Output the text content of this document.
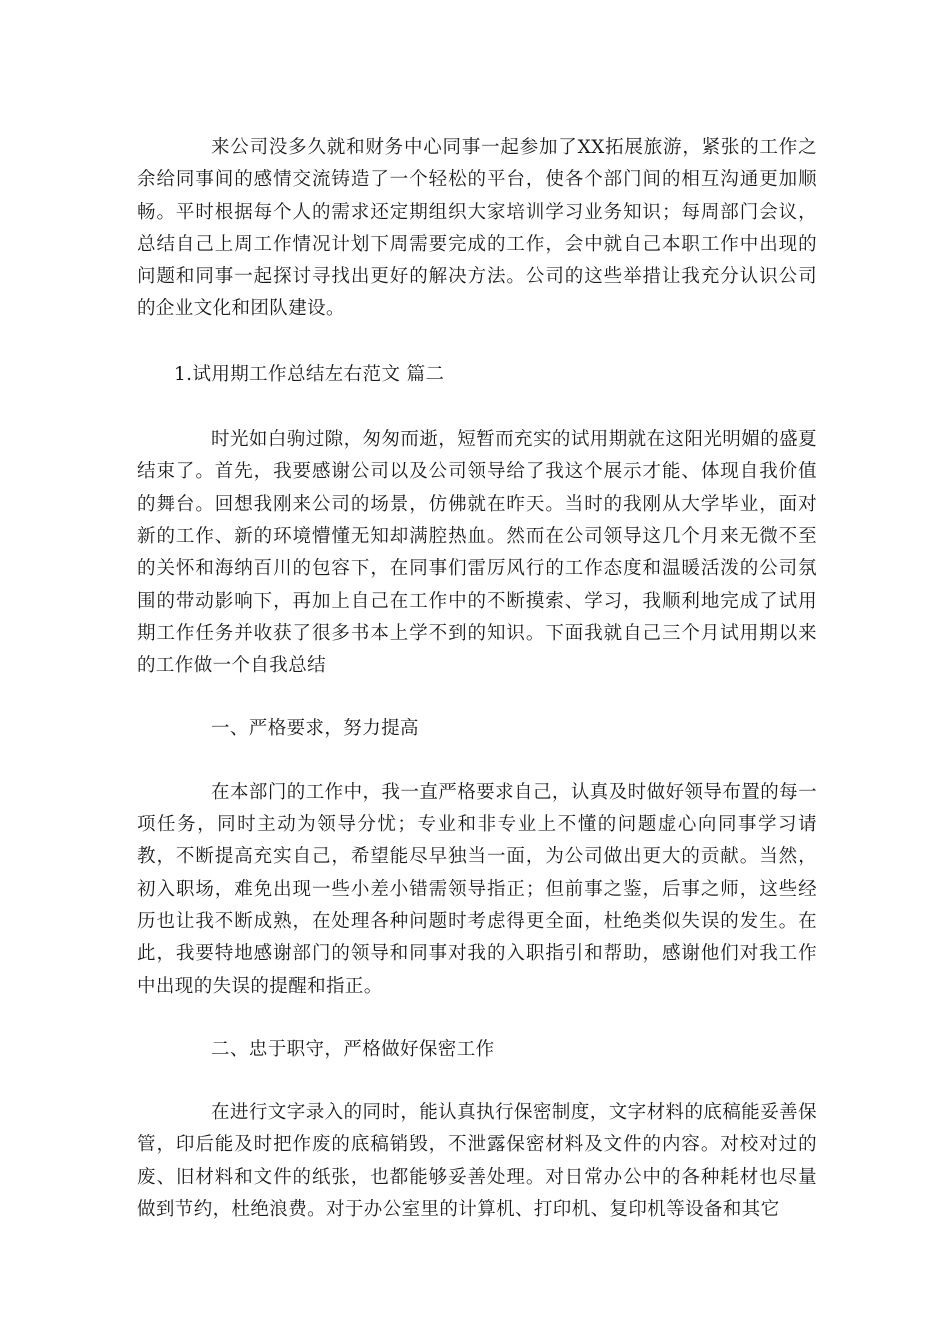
来公司没多久就和财务中心同事一起参加了XX拓展旅游，紧张的工作之余给同事间的感情交流铸造了一个轻松的平台，使各个部门间的相互沟通更加顺畅。平时根据每个人的需求还定期组织大家培训学习业务知识；每周部门会议，总结自己上周工作情况计划下周需要完成的工作，会中就自己本职工作中出现的问题和同事一起探讨寻找出更好的解决方法。公司的这些举措让我充分认识公司的企业文化和团队建设。

1.试用期工作总结左右范文 篇二

时光如白驹过隙，匆匆而逝，短暂而充实的试用期就在这阳光明媚的盛夏结束了。首先，我要感谢公司以及公司领导给了我这个展示才能、体现自我价值的舞台。回想我刚来公司的场景，仿佛就在昨天。当时的我刚从大学毕业，面对新的工作、新的环境懵懂无知却满腔热血。然而在公司领导这几个月来无微不至的关怀和海纳百川的包容下，在同事们雷厉风行的工作态度和温暖活泼的公司氛围的带动影响下，再加上自己在工作中的不断摸索、学习，我顺利地完成了试用期工作任务并收获了很多书本上学不到的知识。下面我就自己三个月试用期以来的工作做一个自我总结

一、严格要求，努力提高

在本部门的工作中，我一直严格要求自己，认真及时做好领导布置的每一项任务，同时主动为领导分忧；专业和非专业上不懂的问题虚心向同事学习请教，不断提高充实自己，希望能尽早独当一面，为公司做出更大的贡献。当然，初入职场，难免出现一些小差小错需领导指正；但前事之鉴，后事之师，这些经历也让我不断成熟，在处理各种问题时考虑得更全面，杜绝类似失误的发生。在此，我要特地感谢部门的领导和同事对我的入职指引和帮助，感谢他们对我工作中出现的失误的提醒和指正。

二、忠于职守，严格做好保密工作

在进行文字录入的同时，能认真执行保密制度，文字材料的底稿能妥善保管，印后能及时把作废的底稿销毁，不泄露保密材料及文件的内容。对校对过的废、旧材料和文件的纸张，也都能够妥善处理。对日常办公中的各种耗材也尽量做到节约，杜绝浪费。对于办公室里的计算机、打印机、复印机等设备和其它
